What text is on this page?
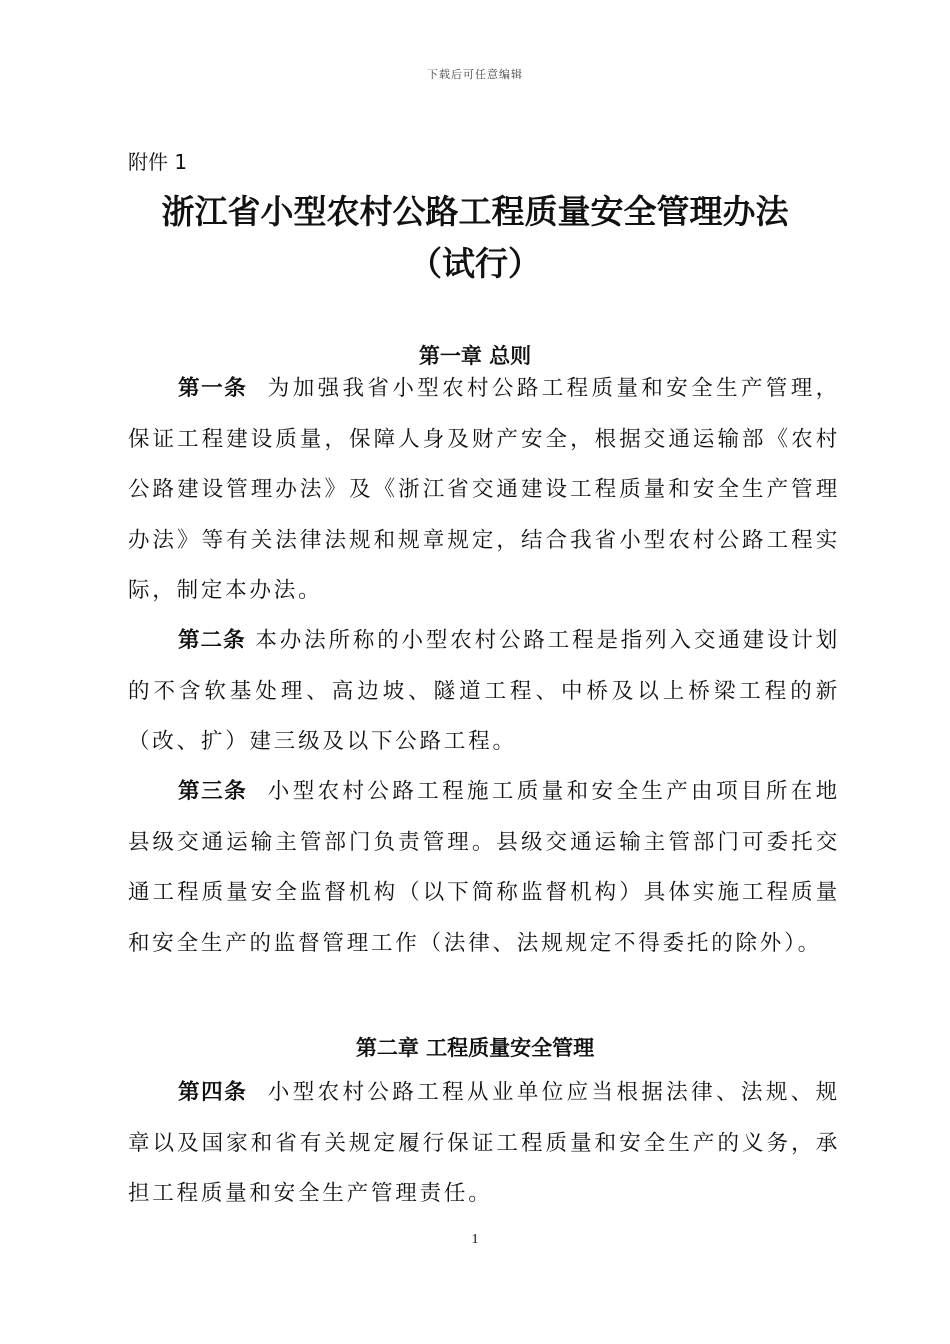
下载后可任意编辑
附件 1
浙江省小型农村公路工程质量安全管理办法
（试行）
第一章 总则

第一条 为加强我省小型农村公路工程质量和安全生产管理，保证工程建设质量，保障人身及财产安全，根据交通运输部《农村公路建设管理办法》及《浙江省交通建设工程质量和安全生产管理办法》等有关法律法规和规章规定，结合我省小型农村公路工程实际，制定本办法。

第二条 本办法所称的小型农村公路工程是指列入交通建设计划的不含软基处理、高边坡、隧道工程、中桥及以上桥梁工程的新（改、扩）建三级及以下公路工程。

第三条 小型农村公路工程施工质量和安全生产由项目所在地县级交通运输主管部门负责管理。县级交通运输主管部门可委托交通工程质量安全监督机构（以下简称监督机构）具体实施工程质量和安全生产的监督管理工作（法律、法规规定不得委托的除外）。

第二章 工程质量安全管理

第四条 小型农村公路工程从业单位应当根据法律、法规、规章以及国家和省有关规定履行保证工程质量和安全生产的义务，承担工程质量和安全生产管理责任。

1
